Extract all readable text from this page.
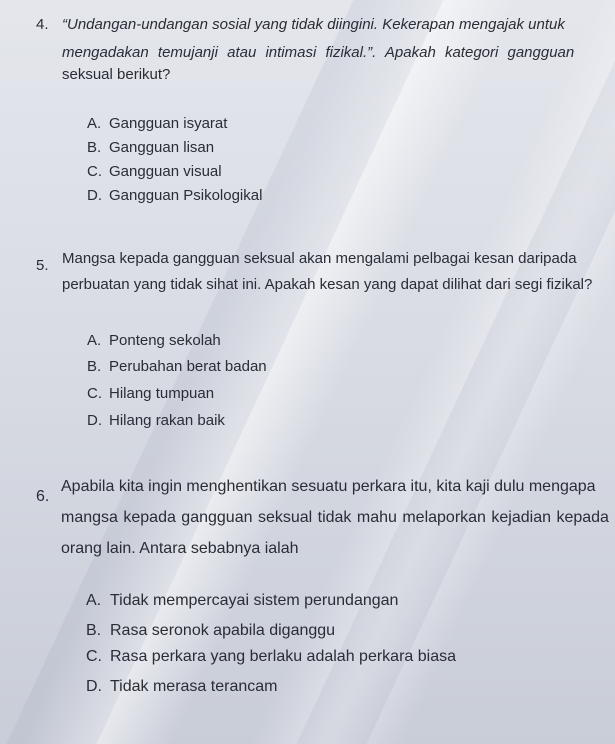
4. “Undangan-undangan sosial yang tidak diingini. Kekerapan mengajak untuk
mengadakan temujanji atau intimasi fizikal.”. Apakah kategori gangguan
seksual berikut?
A. Gangguan isyarat
B. Gangguan lisan
C. Gangguan visual
D. Gangguan Psikologikal
5. Mangsa kepada gangguan seksual akan mengalami pelbagai kesan daripada
perbuatan yang tidak sihat ini. Apakah kesan yang dapat dilihat dari segi fizikal?
A. Ponteng sekolah
B. Perubahan berat badan
C. Hilang tumpuan
D. Hilang rakan baik
6.
Apabila kita ingin menghentikan sesuatu perkara itu, kita kaji dulu mengapa
mangsa kepada gangguan seksual tidak mahu melaporkan kejadian kepada
orang lain. Antara sebabnya ialah
A. Tidak mempercayai sistem perundangan
B. Rasa seronok apabila diganggu
C. Rasa perkara yang berlaku adalah perkara biasa
D. Tidak merasa terancam
